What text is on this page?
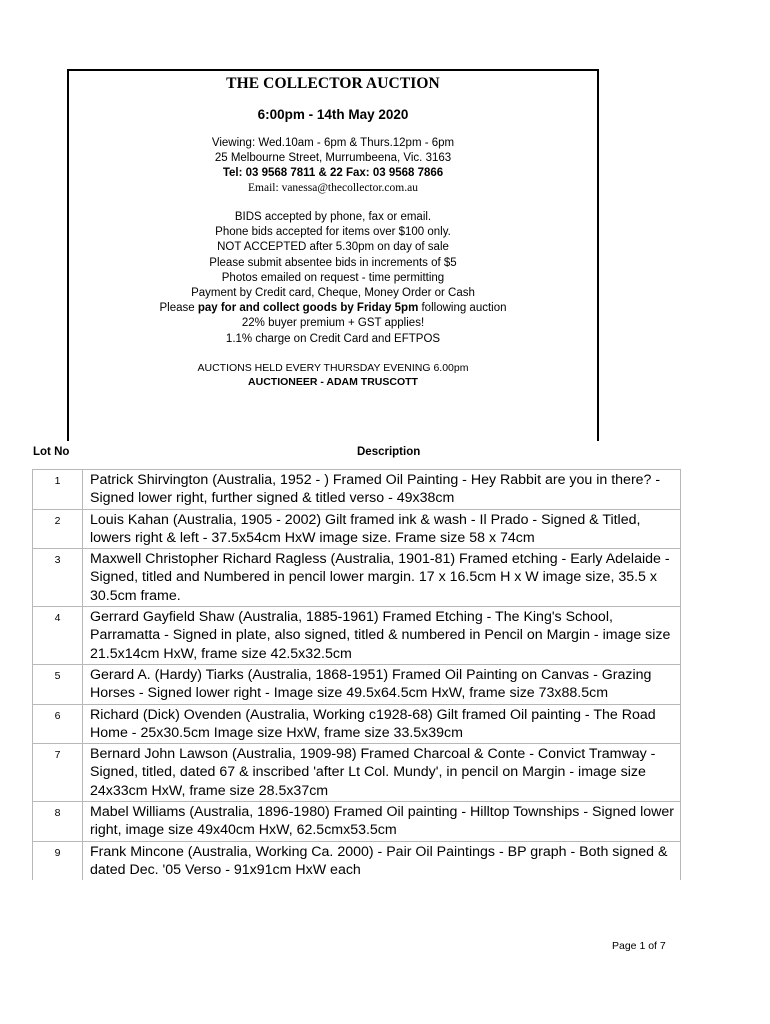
THE COLLECTOR AUCTION
6:00pm - 14th May 2020
Viewing: Wed.10am - 6pm & Thurs.12pm - 6pm
25 Melbourne Street, Murrumbeena, Vic. 3163
Tel: 03 9568 7811 & 22 Fax: 03 9568 7866
Email: vanessa@thecollector.com.au
BIDS accepted by phone, fax or email.
Phone bids accepted for items over $100 only.
NOT ACCEPTED after 5.30pm on day of sale
Please submit absentee bids in increments of $5
Photos emailed on request - time permitting
Payment by Credit card, Cheque, Money Order or Cash
Please pay for and collect goods by Friday 5pm following auction
22% buyer premium + GST applies!
1.1% charge on Credit Card and EFTPOS
AUCTIONS HELD EVERY THURSDAY EVENING 6.00pm
AUCTIONEER - ADAM TRUSCOTT
Lot No	Description
1	Patrick Shirvington (Australia, 1952 - ) Framed Oil Painting - Hey Rabbit are you in there? - Signed lower right, further signed & titled verso - 49x38cm
2	Louis Kahan (Australia, 1905 - 2002) Gilt framed ink & wash - Il Prado - Signed & Titled, lowers right & left - 37.5x54cm HxW image size. Frame size 58 x 74cm
3	Maxwell Christopher Richard Ragless (Australia, 1901-81) Framed etching - Early Adelaide - Signed, titled and Numbered in pencil lower margin. 17 x 16.5cm H x W image size, 35.5 x 30.5cm frame.
4	Gerrard Gayfield Shaw (Australia, 1885-1961) Framed Etching - The King's School, Parramatta - Signed in plate, also signed, titled & numbered in Pencil on Margin - image size 21.5x14cm HxW, frame size 42.5x32.5cm
5	Gerard A. (Hardy) Tiarks (Australia, 1868-1951) Framed Oil Painting on Canvas - Grazing Horses - Signed lower right - Image size 49.5x64.5cm HxW, frame size 73x88.5cm
6	Richard (Dick) Ovenden (Australia, Working c1928-68) Gilt framed Oil painting - The Road Home - 25x30.5cm Image size HxW, frame size 33.5x39cm
7	Bernard John Lawson (Australia, 1909-98) Framed Charcoal & Conte - Convict Tramway - Signed, titled, dated 67 & inscribed 'after Lt Col. Mundy', in pencil on Margin - image size 24x33cm HxW, frame size 28.5x37cm
8	Mabel Williams (Australia, 1896-1980) Framed Oil painting - Hilltop Townships - Signed lower right, image size 49x40cm HxW, 62.5cmx53.5cm
9	Frank Mincone (Australia, Working Ca. 2000) - Pair Oil Paintings - BP graph - Both signed & dated Dec. '05 Verso - 91x91cm HxW each
Page 1 of 7
